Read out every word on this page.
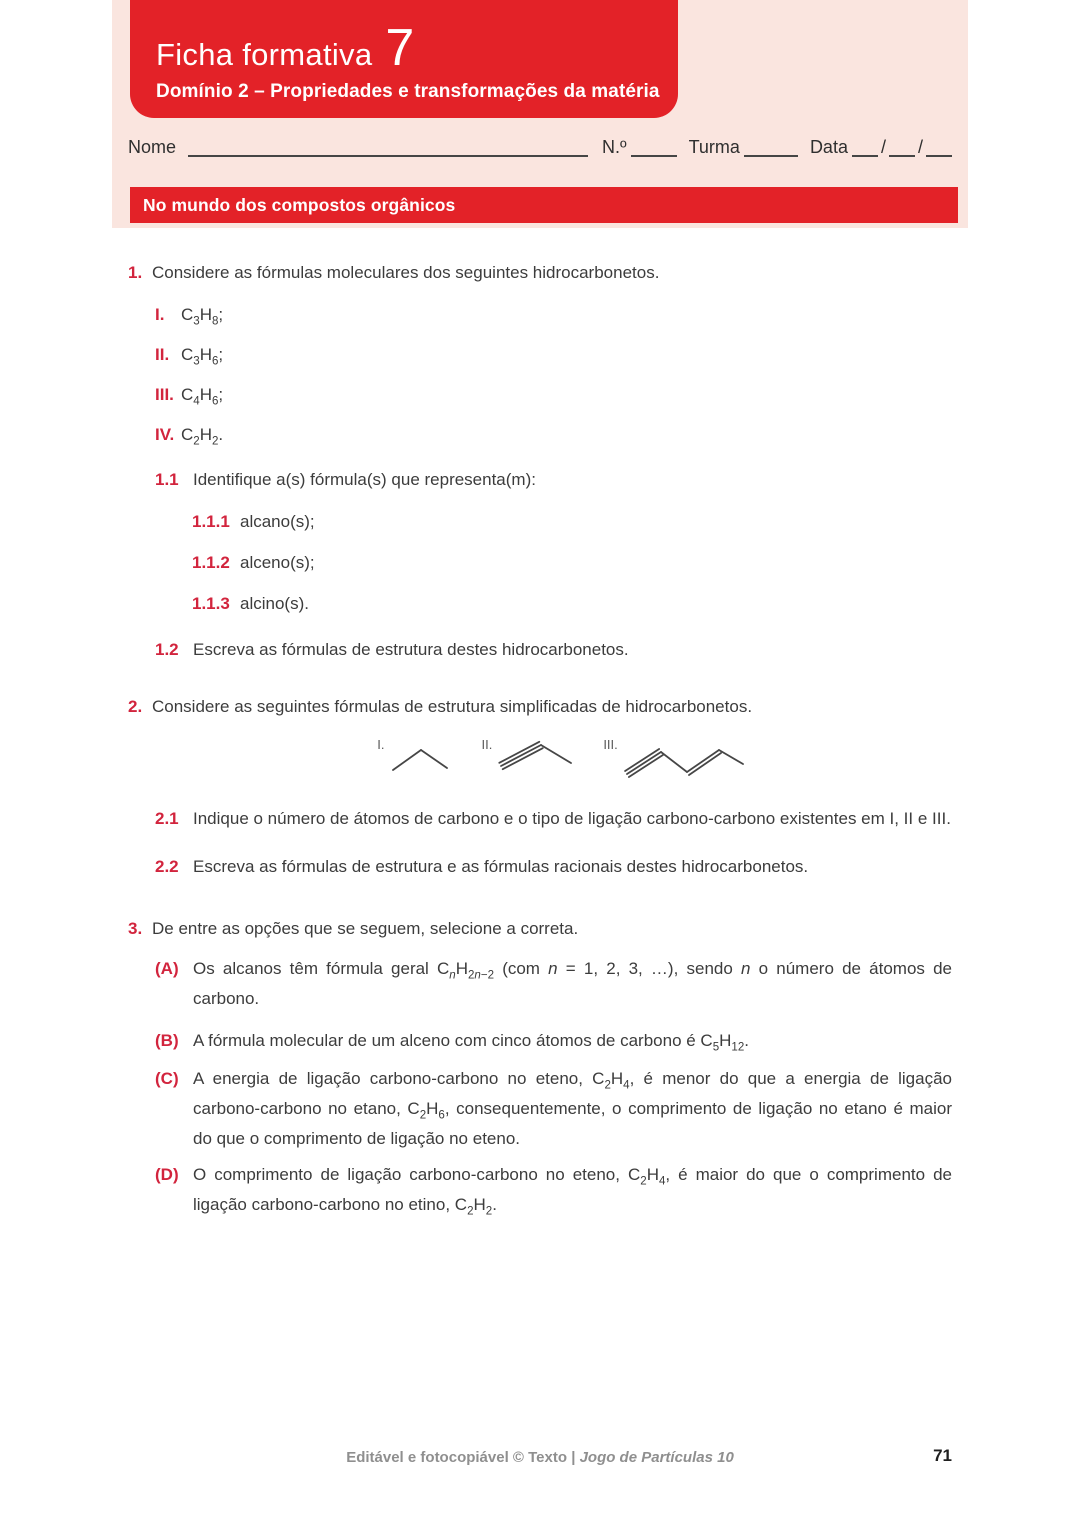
Ficha formativa 7
Domínio 2 – Propriedades e transformações da matéria
Nome	N.º	Turma	Data / /
No mundo dos compostos orgânicos
1. Considere as fórmulas moleculares dos seguintes hidrocarbonetos.
I. $C_3H_8$;
II. $C_3H_6$;
III. $C_4H_6$;
IV. $C_2H_2$.
1.1 Identifique a(s) fórmula(s) que representa(m):
1.1.1 alcano(s);
1.1.2 alceno(s);
1.1.3 alcino(s).
1.2 Escreva as fórmulas de estrutura destes hidrocarbonetos.
2. Considere as seguintes fórmulas de estrutura simplificadas de hidrocarbonetos.
I.	II.	III.
2.1 Indique o número de átomos de carbono e o tipo de ligação carbono-carbono existentes em I, II e III.
2.2 Escreva as fórmulas de estrutura e as fórmulas racionais destes hidrocarbonetos.
3. De entre as opções que se seguem, selecione a correta.
(A) Os alcanos têm fórmula geral $C_nH_{2n-2}$ (com n = 1, 2, 3, …), sendo n o número de átomos de carbono.
(B) A fórmula molecular de um alceno com cinco átomos de carbono é $C_5H_{12}$.
(C) A energia de ligação carbono-carbono no eteno, $C_2H_4$, é menor do que a energia de ligação carbono-carbono no etano, $C_2H_6$, consequentemente, o comprimento de ligação no etano é maior do que o comprimento de ligação no eteno.
(D) O comprimento de ligação carbono-carbono no eteno, $C_2H_4$, é maior do que o comprimento de ligação carbono-carbono no etino, $C_2H_2$.
Editável e fotocopiável © Texto | Jogo de Partículas 10	71
